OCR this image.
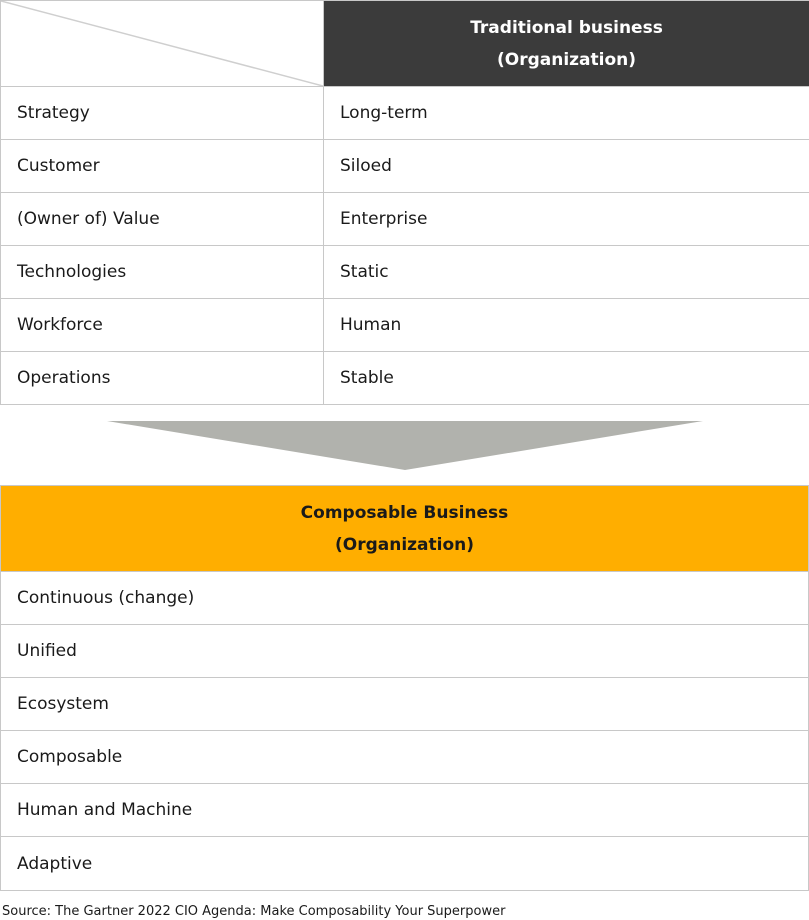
Traditional business
(Organization)

Strategy	Long-term
Customer	Siloed
(Owner of) Value	Enterprise
Technologies	Static
Workforce	Human
Operations	Stable
Composable Business
(Organization)

Continuous (change)
Unified
Ecosystem
Composable
Human and Machine
Adaptive
Source: The Gartner 2022 CIO Agenda: Make Composability Your Superpower
